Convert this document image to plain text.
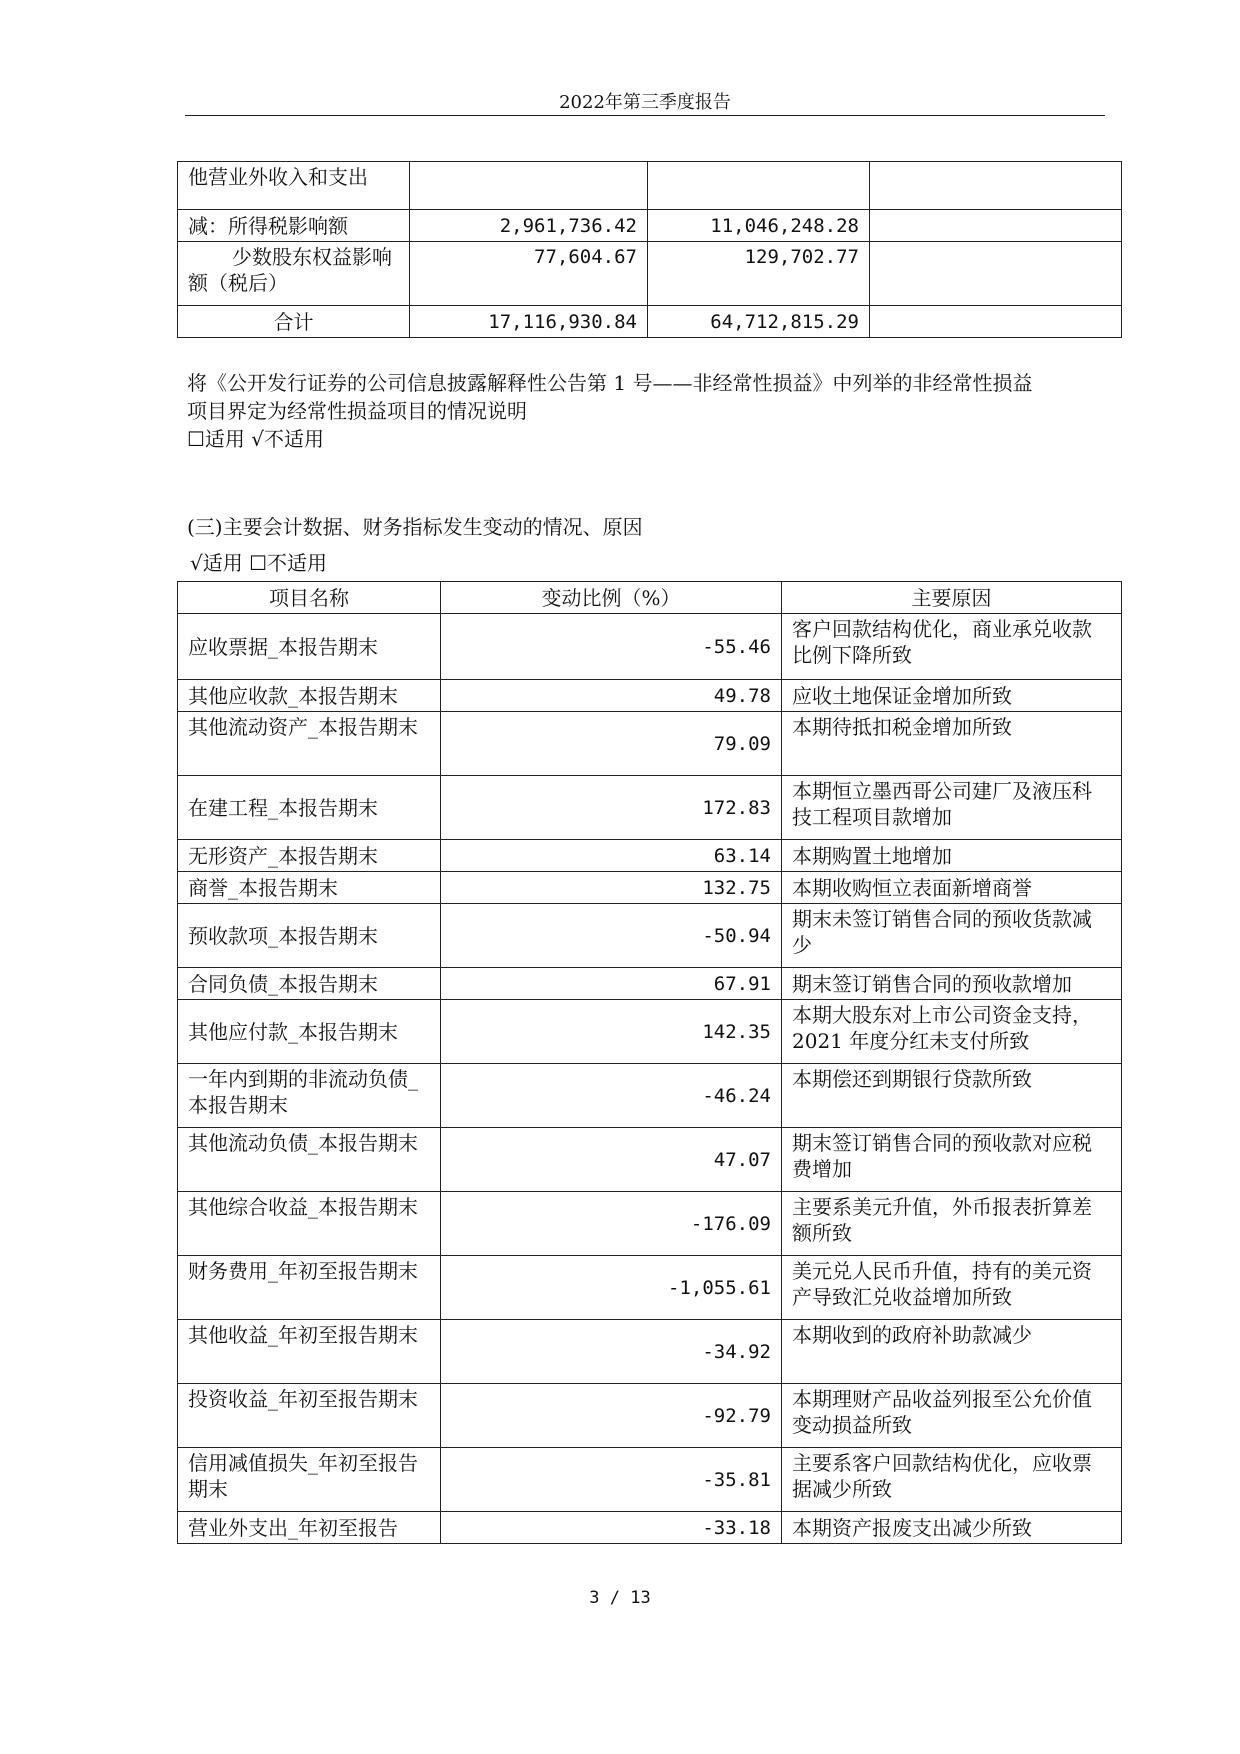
2022年第三季度报告
他营业外收入和支出			
减：所得税影响额	2,961,736.42	11,046,248.28	
少数股东权益影响额（税后）	77,604.67	129,702.77	
合计	17,116,930.84	64,712,815.29	
将《公开发行证券的公司信息披露解释性公告第 1 号——非经常性损益》中列举的非经常性损益
项目界定为经常性损益项目的情况说明
☐适用 √不适用
(三)主要会计数据、财务指标发生变动的情况、原因
√适用 ☐不适用
项目名称	变动比例（%）	主要原因
应收票据_本报告期末	-55.46	客户回款结构优化，商业承兑收款比例下降所致
其他应收款_本报告期末	49.78	应收土地保证金增加所致
其他流动资产_本报告期末	79.09	本期待抵扣税金增加所致
在建工程_本报告期末	172.83	本期恒立墨西哥公司建厂及液压科技工程项目款增加
无形资产_本报告期末	63.14	本期购置土地增加
商誉_本报告期末	132.75	本期收购恒立表面新增商誉
预收款项_本报告期末	-50.94	期末未签订销售合同的预收货款减少
合同负债_本报告期末	67.91	期末签订销售合同的预收款增加
其他应付款_本报告期末	142.35	本期大股东对上市公司资金支持，2021 年度分红未支付所致
一年内到期的非流动负债_本报告期末	-46.24	本期偿还到期银行贷款所致
其他流动负债_本报告期末	47.07	期末签订销售合同的预收款对应税费增加
其他综合收益_本报告期末	-176.09	主要系美元升值，外币报表折算差额所致
财务费用_年初至报告期末	-1,055.61	美元兑人民币升值，持有的美元资产导致汇兑收益增加所致
其他收益_年初至报告期末	-34.92	本期收到的政府补助款减少
投资收益_年初至报告期末	-92.79	本期理财产品收益列报至公允价值变动损益所致
信用减值损失_年初至报告期末	-35.81	主要系客户回款结构优化，应收票据减少所致
营业外支出_年初至报告	-33.18	本期资产报废支出减少所致
3 / 13
